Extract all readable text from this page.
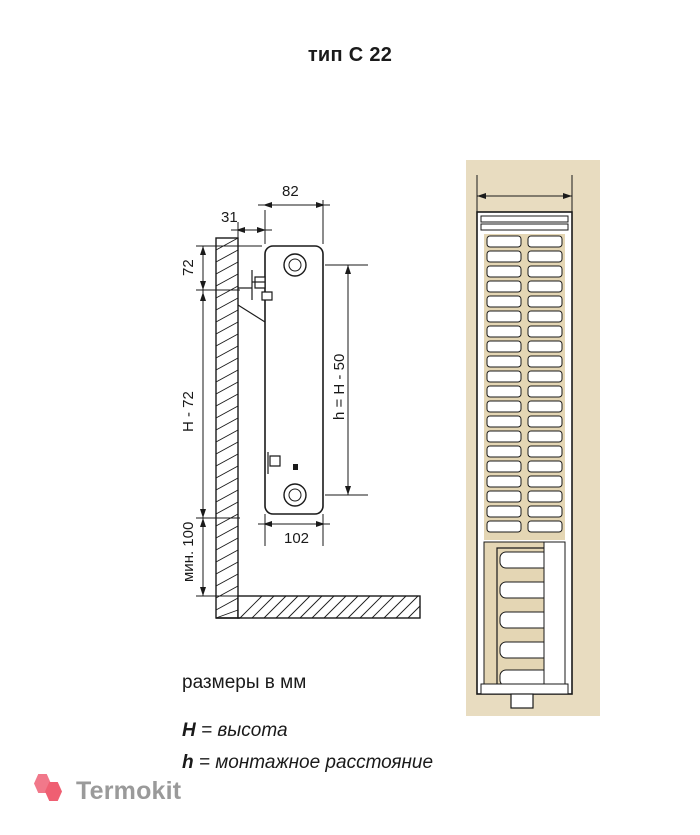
тип C 22
82
31
72
H - 72
мин. 100	102
h = H - 50
размеры в мм
H = высота
h = монтажное расстояние
Termokit
